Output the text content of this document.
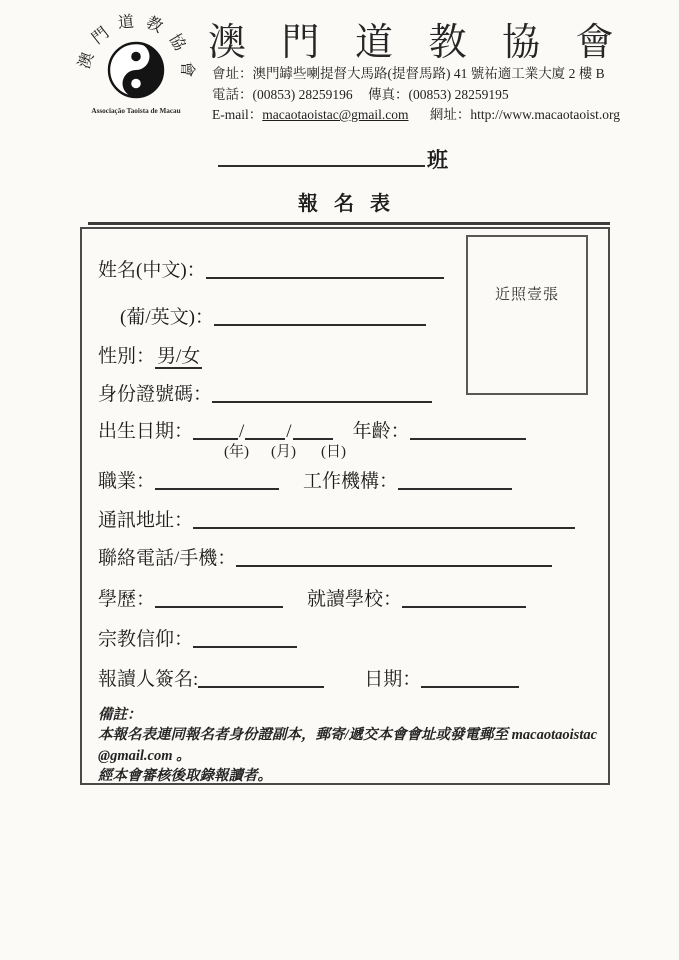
澳門道教協會
Associação Taoista de Macau
澳 門 道 教 協 會
會址：澳門罅些喇提督大馬路(提督馬路) 41 號祐適工業大廈 2 樓 B
電話：(00853) 28259196 傳真：(00853) 28259195
E-mail：macaotaoistac@gmail.com 網址：http://www.macaotaoist.org
班
報 名 表
近照壹張
姓名(中文)：
(葡/英文)：
性別： 男/女
身份證號碼：
出生日期： / /	年齡：
(年) (月) (日)
職業：	工作機構：
通訊地址：
聯絡電話/手機：
學歷：	就讀學校：
宗教信仰：
報讀人簽名:	日期：
備註：
本報名表連同報名者身份證副本，郵寄/遞交本會會址或發電郵至 macaotaoistac
@gmail.com 。
經本會審核後取錄報讀者。
